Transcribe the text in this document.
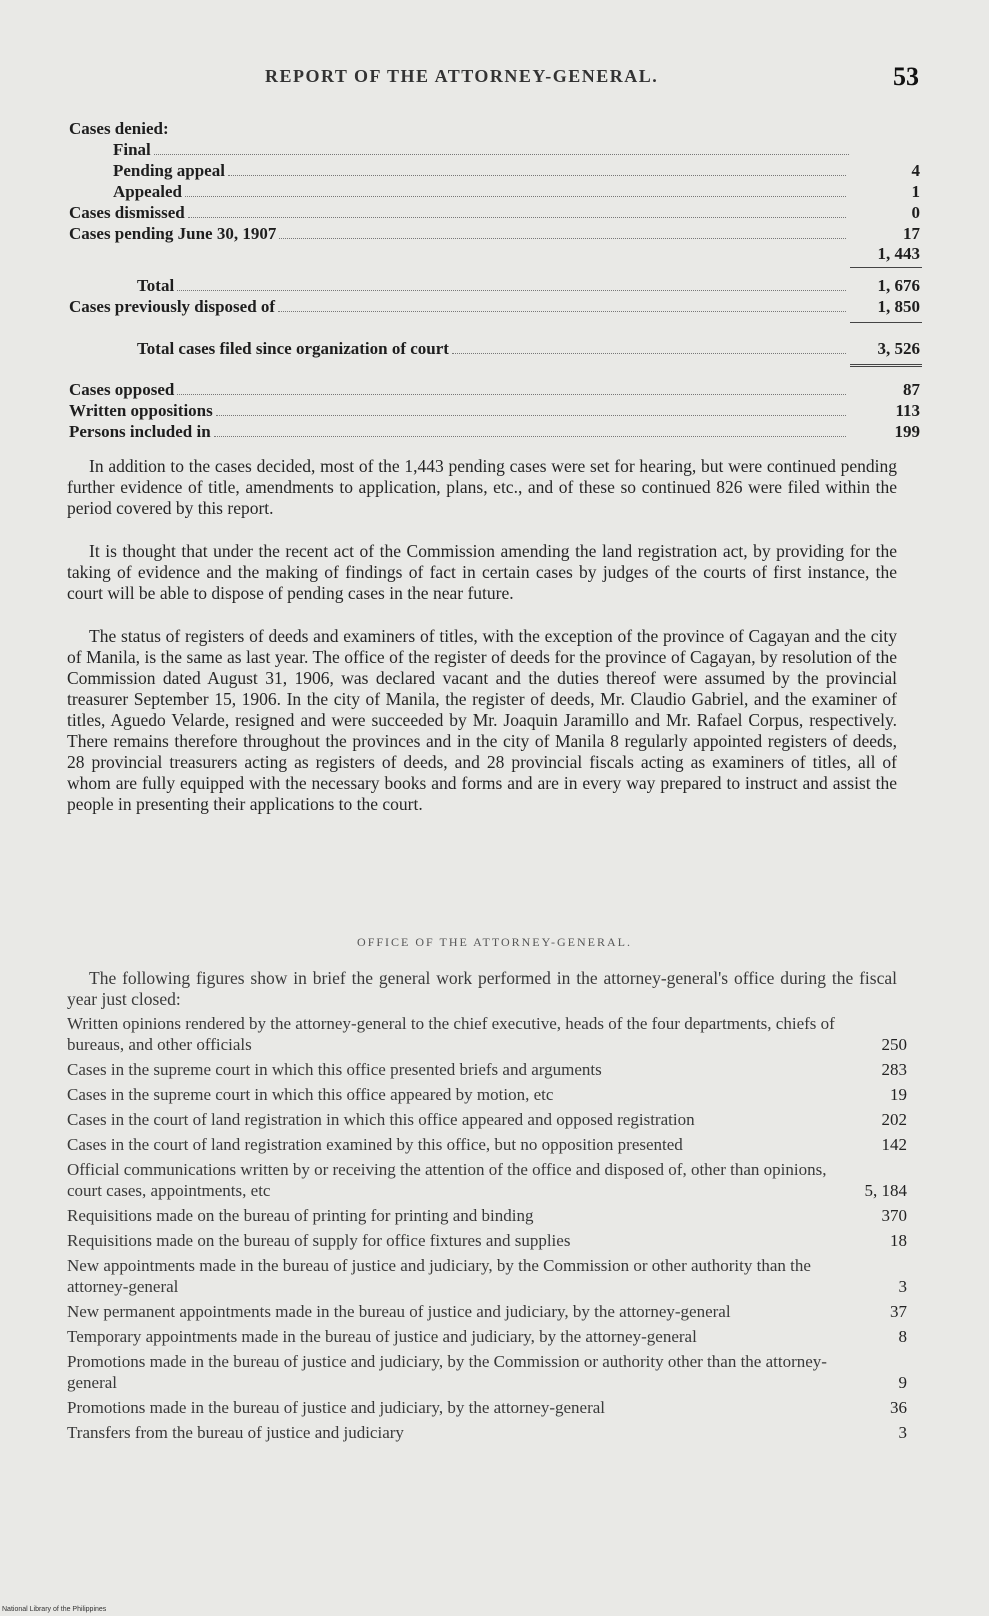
REPORT OF THE ATTORNEY-GENERAL.	53
Cases denied:
Final
Pending appeal	4
Appealed	1
Cases dismissed	0
Cases pending June 30, 1907	17
1, 443
Total	1, 676
Cases previously disposed of	1, 850
Total cases filed since organization of court	3, 526
Cases opposed	87
Written oppositions	113
Persons included in	199

In addition to the cases decided, most of the 1,443 pending cases were set for hearing, but were continued pending further evidence of title, amendments to application, plans, etc., and of these so continued 826 were filed within the period covered by this report.

It is thought that under the recent act of the Commission amending the land registration act, by providing for the taking of evidence and the making of findings of fact in certain cases by judges of the courts of first instance, the court will be able to dispose of pending cases in the near future.

The status of registers of deeds and examiners of titles, with the exception of the province of Cagayan and the city of Manila, is the same as last year. The office of the register of deeds for the province of Cagayan, by resolution of the Commission dated August 31, 1906, was declared vacant and the duties thereof were assumed by the provincial treasurer September 15, 1906. In the city of Manila, the register of deeds, Mr. Claudio Gabriel, and the examiner of titles, Aguedo Velarde, resigned and were succeeded by Mr. Joaquin Jaramillo and Mr. Rafael Corpus, respectively. There remains therefore throughout the provinces and in the city of Manila 8 regularly appointed registers of deeds, 28 provincial treasurers acting as registers of deeds, and 28 provincial fiscals acting as examiners of titles, all of whom are fully equipped with the necessary books and forms and are in every way prepared to instruct and assist the people in presenting their applications to the court.

OFFICE OF THE ATTORNEY-GENERAL.

The following figures show in brief the general work performed in the attorney-general's office during the fiscal year just closed:

Written opinions rendered by the attorney-general to the chief executive, heads of the four departments, chiefs of bureaus, and other officials	250
Cases in the supreme court in which this office presented briefs and arguments	283
Cases in the supreme court in which this office appeared by motion, etc	19
Cases in the court of land registration in which this office appeared and opposed registration	202
Cases in the court of land registration examined by this office, but no opposition presented	142
Official communications written by or receiving the attention of the office and disposed of, other than opinions, court cases, appointments, etc	5, 184
Requisitions made on the bureau of printing for printing and binding	370
Requisitions made on the bureau of supply for office fixtures and supplies	18
New appointments made in the bureau of justice and judiciary, by the Commission or other authority than the attorney-general	3
New permanent appointments made in the bureau of justice and judiciary, by the attorney-general	37
Temporary appointments made in the bureau of justice and judiciary, by the attorney-general	8
Promotions made in the bureau of justice and judiciary, by the Commission or authority other than the attorney-general	9
Promotions made in the bureau of justice and judiciary, by the attorney-general	36
Transfers from the bureau of justice and judiciary	3
National Library of the Philippines
